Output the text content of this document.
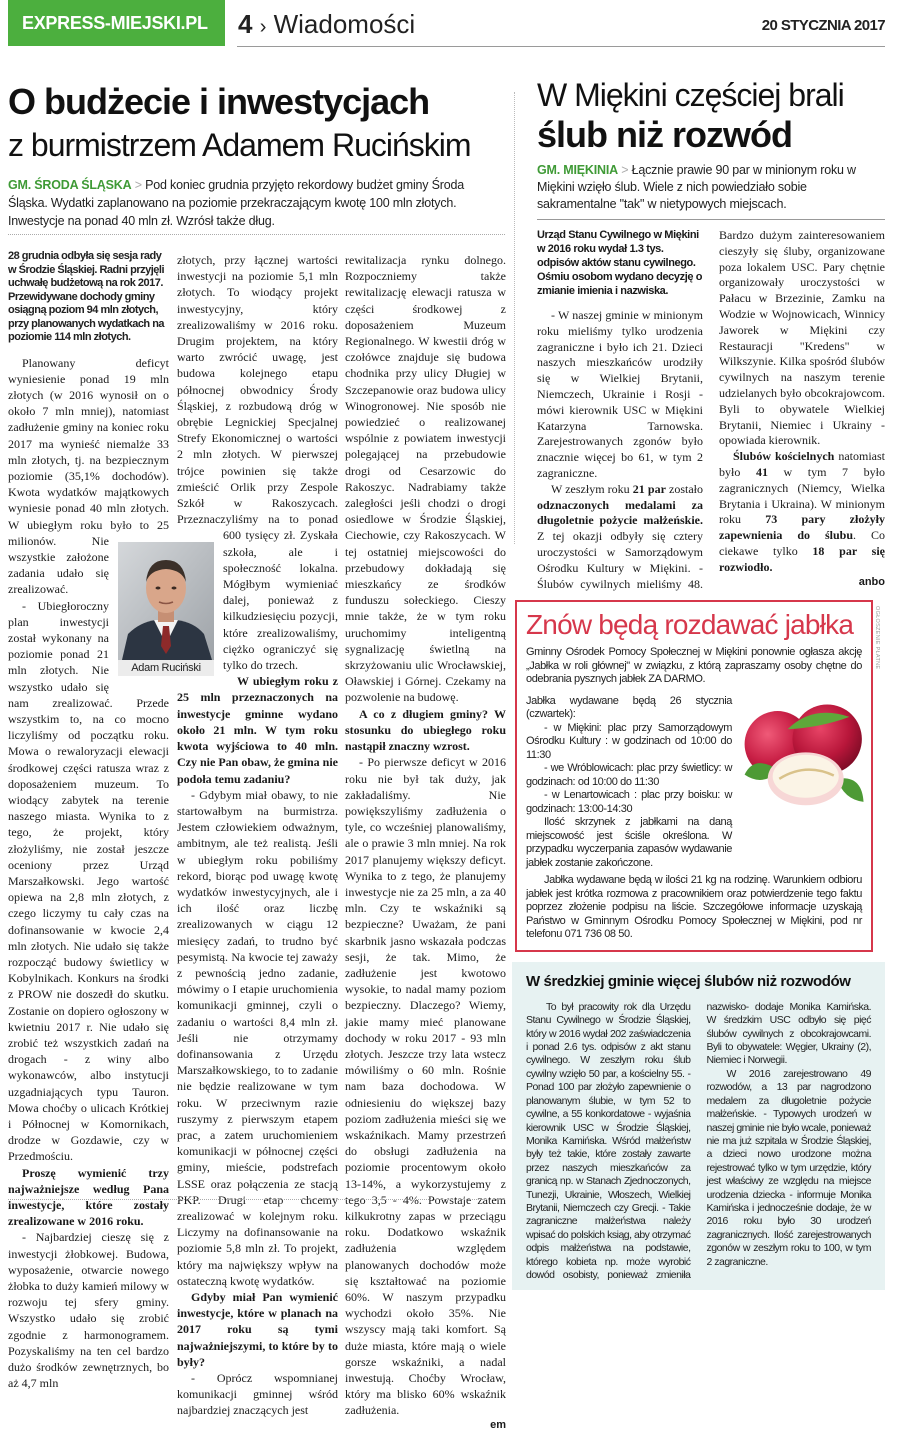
EXPRESS-MIEJSKI.PL 4 › Wiadomości	20 STYCZNIA 2017
O budżecie i inwestycjach
z burmistrzem Adamem Rucińskim
GM. ŚRODA ŚLĄSKA > Pod koniec grudnia przyjęto rekordowy budżet gminy Środa Śląska. Wydatki zaplanowano na poziomie przekraczającym kwotę 100 mln złotych. Inwestycje na ponad 40 mln zł. Wzrósł także dług.
28 grudnia odbyła się sesja rady w Środzie Śląskiej. Radni przyjęli uchwałę budżetową na rok 2017. Przewidywane dochody gminy osiągną poziom 94 mln złotych, przy planowanych wydatkach na poziomie 114 mln złotych.

Planowany deficyt wyniesienie ponad 19 mln złotych (w 2016 wynosił on o około 7 mln mniej), natomiast zadłużenie gminy na koniec roku 2017 ma wynieść niemalże 33 mln złotych, tj. na bezpiecznym poziomie (35,1% dochodów). Kwota wydatków majątkowych wyniesie ponad 40 mln złotych. W ubiegłym roku było to 25 milionów. Nie wszystkie założone zadania udało się zrealizować.

- Ubiegłoroczny plan inwestycji został wykonany na poziomie ponad 21 mln złotych. Nie wszystko udało się nam zrealizować. Przede wszystkim to, na co mocno liczyliśmy od początku roku. Mowa o rewaloryzacji elewacji środkowej części ratusza wraz z doposażeniem muzeum. To wiodący zabytek na terenie naszego miasta. Wynika to z tego, że projekt, który złożyliśmy, nie został jeszcze oceniony przez Urząd Marszałkowski. Jego wartość opiewa na 2,8 mln złotych, z czego liczymy tu cały czas na dofinansowanie w kwocie 2,4 mln złotych. Nie udało się także rozpocząć budowy świetlicy w Kobylnikach. Konkurs na środki z PROW nie doszedł do skutku. Zostanie on dopiero ogłoszony w kwietniu 2017 r. Nie udało się zrobić też wszystkich zadań na drogach - z winy albo wykonawców, albo instytucji uzgadniających typu Tauron. Mowa choćby o ulicach Krótkiej i Północnej w Komornikach, drodze w Gozdawie, czy w Przedmościu.

Proszę wymienić trzy najważniejsze według Pana inwestycje, które zostały zrealizowane w 2016 roku.

- Najbardziej cieszę się z inwestycji żłobkowej. Budowa, wyposażenie, otwarcie nowego żłobka to duży kamień milowy w rozwoju tej sfery gminy. Wszystko udało się zrobić zgodnie z harmonogramem. Pozyskaliśmy na ten cel bardzo dużo środków zewnętrznych, bo aż 4,7 mln

złotych, przy łącznej wartości inwestycji na poziomie 5,1 mln złotych. To wiodący projekt inwestycyjny, który zrealizowaliśmy w 2016 roku. Drugim projektem, na który warto zwrócić uwagę, jest budowa kolejnego etapu północnej obwodnicy Środy Śląskiej, z rozbudową dróg w obrębie Legnickiej Specjalnej Strefy Ekonomicznej o wartości 2 mln złotych. W pierwszej trójce powinien się także zmieścić Orlik przy Zespole Szkół w Rakoszycach. Przeznaczyliśmy na to ponad 600 tysięcy zł. Zyskała szkoła, ale i społeczność lokalna. Mógłbym wymieniać dalej, ponieważ z kilkudziesięciu pozycji, które zrealizowaliśmy, ciężko ograniczyć się tylko do trzech.

W ubiegłym roku z 25 mln przeznaczonych na inwestycje gminne wydano około 21 mln. W tym roku kwota wyjściowa to 40 mln. Czy nie Pan obaw, że gmina nie podoła temu zadaniu?

- Gdybym miał obawy, to nie startowałbym na burmistrza. Jestem człowiekiem odważnym, ambitnym, ale też realistą. Jeśli w ubiegłym roku pobiliśmy rekord, biorąc pod uwagę kwotę wydatków inwestycyjnych, ale i ich ilość oraz liczbę zrealizowanych w ciągu 12 miesięcy zadań, to trudno być pesymistą. Na kwocie tej zaważy z pewnością jedno zadanie, mówimy o I etapie uruchomienia komunikacji gminnej, czyli o zadaniu o wartości 8,4 mln zł. Jeśli nie otrzymamy dofinansowania z Urzędu Marszałkowskiego, to to zadanie nie będzie realizowane w tym roku. W przeciwnym razie ruszymy z pierwszym etapem prac, a zatem uruchomieniem komunikacji w północnej części gminy, mieście, podstrefach LSSE oraz połączenia ze stacją PKP. Drugi etap chcemy zrealizować w kolejnym roku. Liczymy na dofinansowanie na poziomie 5,8 mln zł. To projekt, który ma największy wpływ na ostateczną kwotę wydatków.

Gdyby miał Pan wymienić inwestycje, które w planach na 2017 roku są tymi najważniejszymi, to które by to były?

- Oprócz wspomnianej komunikacji gminnej wśród najbardziej znaczących jest

rewitalizacja rynku dolnego. Rozpoczniemy także rewitalizację elewacji ratusza w części środkowej z doposażeniem Muzeum Regionalnego. W kwestii dróg w czołówce znajduje się budowa chodnika przy ulicy Długiej w Szczepanowie oraz budowa ulicy Winogronowej. Nie sposób nie powiedzieć o realizowanej wspólnie z powiatem inwestycji polegającej na przebudowie drogi od Cesarzowic do Rakoszyc. Nadrabiamy także zaległości jeśli chodzi o drogi osiedlowe w Środzie Śląskiej, Ciechowie, czy Rakoszycach. W tej ostatniej miejscowości do przebudowy dokładają się mieszkańcy ze środków funduszu sołeckiego. Cieszy mnie także, że w tym roku uruchomimy inteligentną sygnalizację świetlną na skrzyżowaniu ulic Wrocławskiej, Oławskiej i Górnej. Czekamy na pozwolenie na budowę.

A co z długiem gminy? W stosunku do ubiegłego roku nastąpił znaczny wzrost.

- Po pierwsze deficyt w 2016 roku nie był tak duży, jak zakładaliśmy. Nie powiększyliśmy zadłużenia o tyle, co wcześniej planowaliśmy, ale o prawie 3 mln mniej. Na rok 2017 planujemy większy deficyt. Wynika to z tego, że planujemy inwestycje nie za 25 mln, a za 40 mln. Czy te wskaźniki są bezpieczne? Uważam, że pani skarbnik jasno wskazała podczas sesji, że tak. Mimo, że zadłużenie jest kwotowo wysokie, to nadal mamy poziom bezpieczny. Dlaczego? Wiemy, jakie mamy mieć planowane dochody w roku 2017 - 93 mln złotych. Jeszcze trzy lata wstecz mówiliśmy o 60 mln. Rośnie nam baza dochodowa. W odniesieniu do większej bazy poziom zadłużenia mieści się we wskaźnikach. Mamy przestrzeń do obsługi zadłużenia na poziomie procentowym około 13-14%, a wykorzystujemy z tego 3,5 - 4%. Powstaje zatem kilkukrotny zapas w przeciągu roku. Dodatkowo wskaźnik zadłużenia względem planowanych dochodów może się kształtować na poziomie 60%. W naszym przypadku wychodzi około 35%. Nie wszyscy mają taki komfort. Są duże miasta, które mają o wiele gorsze wskaźniki, a nadal inwestują. Choćby Wrocław, który ma blisko 60% wskaźnik zadłużenia.

em
Adam Ruciński
W Miękini częściej brali
ślub niż rozwód
GM. MIĘKINIA > Łącznie prawie 90 par w minionym roku w Miękini wzięło ślub. Wiele z nich powiedziało sobie sakramentalne "tak" w nietypowych miejscach.
Urząd Stanu Cywilnego w Miękini w 2016 roku wydał 1.3 tys. odpisów aktów stanu cywilnego. Ośmiu osobom wydano decyzję o zmianie imienia i nazwiska.

- W naszej gminie w minionym roku mieliśmy tylko urodzenia zagraniczne i było ich 21. Dzieci naszych mieszkańców urodziły się w Wielkiej Brytanii, Niemczech, Ukrainie i Rosji - mówi kierownik USC w Miękini Katarzyna Tarnowska. Zarejestrowanych zgonów było znacznie więcej bo 61, w tym 2 zagraniczne.

W zeszłym roku 21 par zostało odznaczonych medalami za długoletnie pożycie małżeńskie. Z tej okazji odbyły się cztery uroczystości w Samorządowym Ośrodku Kultury w Miękini. - Ślubów cywilnych mieliśmy 48. Bardzo dużym zainteresowaniem cieszyły się śluby, organizowane poza lokalem USC. Pary chętnie organizowały uroczystości w Pałacu w Brzezinie, Zamku na Wodzie w Wojnowicach, Winnicy Jaworek w Miękini czy Restauracji "Kredens" w Wilkszynie. Kilka spośród ślubów cywilnych na naszym terenie udzielanych było obcokrajowcom. Byli to obywatele Wielkiej Brytanii, Niemiec i Ukrainy - opowiada kierownik.

Ślubów kościelnych natomiast było 41 w tym 7 było zagranicznych (Niemcy, Wielka Brytania i Ukraina). W minionym roku 73 pary złożyły zapewnienia do ślubu. Co ciekawe tylko 18 par się rozwiodło.

anbo
OGŁOSZENIE PŁATNE
Znów będą rozdawać jabłka
Gminny Ośrodek Pomocy Społecznej w Miękini ponownie ogłasza akcję „Jabłka w roli głównej" w związku, z którą zapraszamy osoby chętne do odebrania pysznych jabłek ZA DARMO.

Jabłka wydawane będą 26 stycznia (czwartek):

- w Miękini: plac przy Samorządowym Ośrodku Kultury : w godzinach od 10:00 do 11:30

- we Wróblowicach: plac przy świetlicy: w godzinach: od 10:00 do 11:30

- w Lenartowicach : plac przy boisku: w godzinach: 13:00-14:30

Ilość skrzynek z jabłkami na daną miejscowość jest ściśle określona. W przypadku wyczerpania zapasów wydawanie jabłek zostanie zakończone.

Jabłka wydawane będą w ilości 21 kg na rodzinę. Warunkiem odbioru jabłek jest krótka rozmowa z pracownikiem oraz potwierdzenie tego faktu poprzez złożenie podpisu na liście. Szczegółowe informacje uzyskają Państwo w Gminnym Ośrodku Pomocy Społecznej w Miękini, pod nr telefonu 071 736 08 50.

W średzkiej gminie więcej ślubów niż rozwodów

To był pracowity rok dla Urzędu Stanu Cywilnego w Środzie Śląskiej, który w 2016 wydał 202 zaświadczenia i ponad 2.6 tys. odpisów z akt stanu cywilnego. W zeszłym roku ślub cywilny wzięło 50 par, a kościelny 55. - Ponad 100 par złożyło zapewnienie o planowanym ślubie, w tym 52 to cywilne, a 55 konkordatowe - wyjaśnia kierownik USC w Środzie Śląskiej, Monika Kamińska. Wśród małżeństw były też takie, które zostały zawarte przez naszych mieszkańców za granicą np. w Stanach Zjednoczonych, Tunezji, Ukrainie, Włoszech, Wielkiej Brytanii, Niemczech czy Grecji. - Takie zagraniczne małżeństwa należy wpisać do polskich ksiąg, aby otrzymać odpis małżeństwa na podstawie, którego kobieta np. może wyrobić dowód osobisty, ponieważ zmieniła nazwisko- dodaje Monika Kamińska. W średzkim USC odbyło się pięć ślubów cywilnych z obcokrajowcami. Byli to obywatele: Węgier, Ukrainy (2), Niemiec i Norwegii.

W 2016 zarejestrowano 49 rozwodów, a 13 par nagrodzono medalem za długoletnie pożycie małżeńskie. - Typowych urodzeń w naszej gminie nie było wcale, ponieważ nie ma już szpitala w Środzie Śląskiej, a dzieci nowo urodzone można rejestrować tylko w tym urzędzie, który jest właściwy ze względu na miejsce urodzenia dziecka - informuje Monika Kamińska i jednocześnie dodaje, że w 2016 roku było 30 urodzeń zagranicznych. Ilość zarejestrowanych zgonów w zeszłym roku to 100, w tym 2 zagraniczne.
